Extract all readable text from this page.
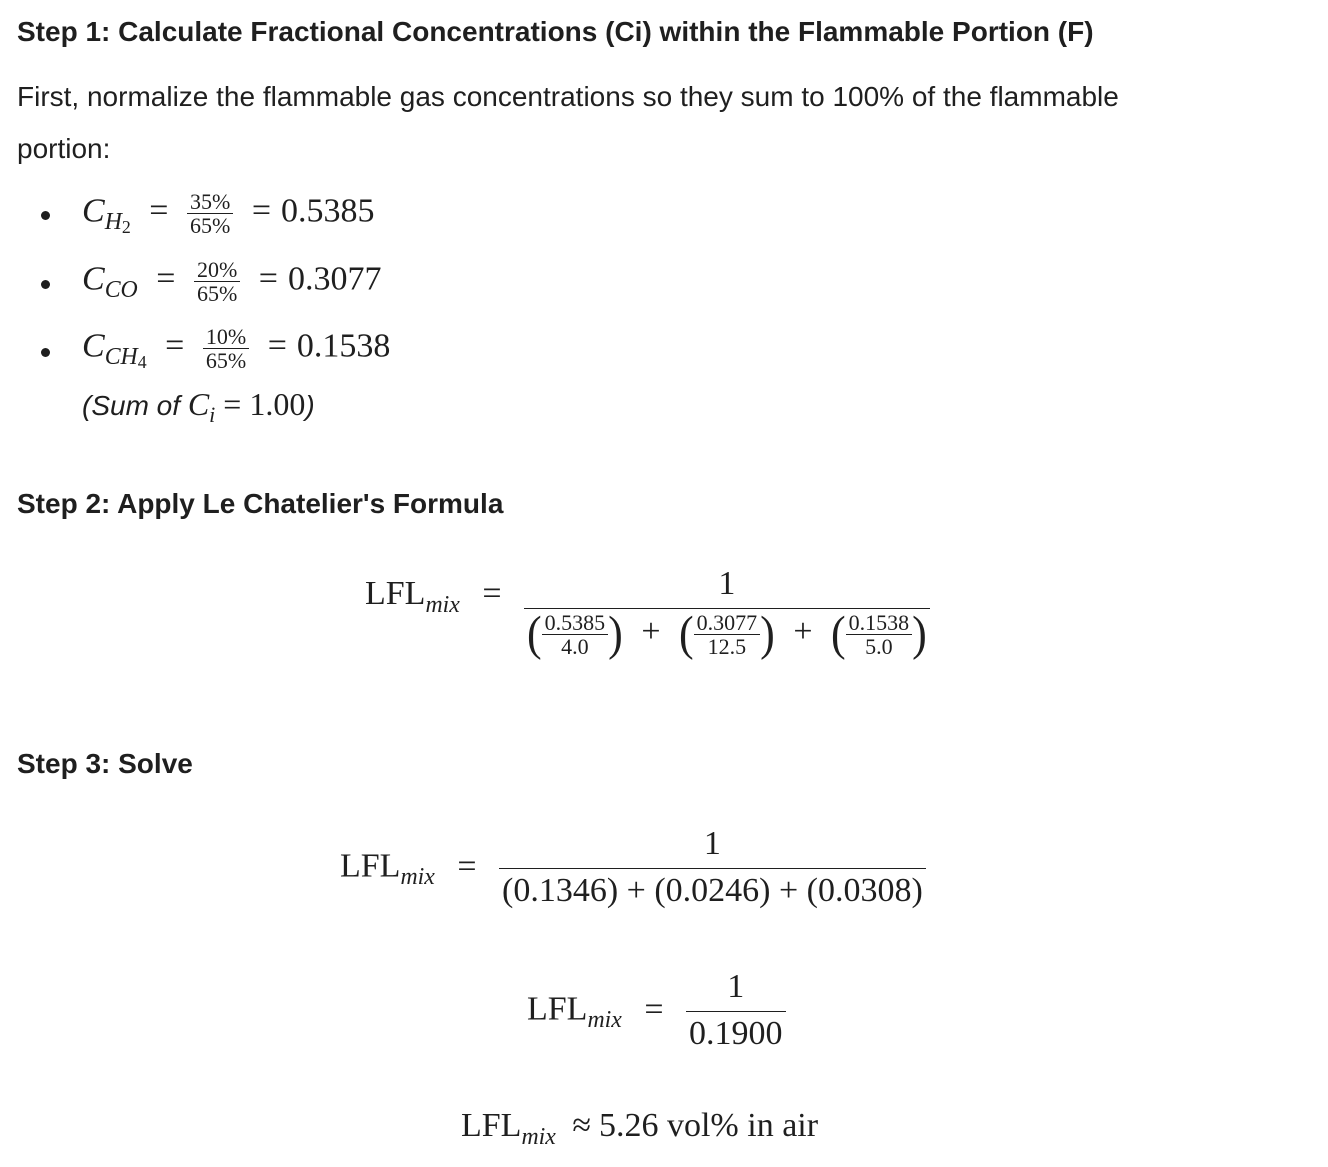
Step 1: Calculate Fractional Concentrations (Ci) within the Flammable Portion (F)

First, normalize the flammable gas concentrations so they sum to 100% of the flammable

portion:

$C_{H2} = \frac{35\%}{65\%} = 0.5385$
$C_{CO} = \frac{20\%}{65\%} = 0.3077$
$C_{CH4} = \frac{10\%}{65\%} = 0.1538$
(Sum of Ci = 1.00)
Step 2: Apply Le Chatelier's Formula
$LFL_{mix}$ =	1
( $\frac{0.5385}{4.0}$ ) + ( $\frac{0.3077}{12.5}$ ) + ( $\frac{0.1538}{5.0}$ )
Step 3: Solve
$LFL_{mix} = \frac{1}{(0.1346) + (0.0246) + (0.0308)}$
$LFL_{mix} = \frac{1}{0.1900}$
$LFL_{mix} \approx 5.26$ vol% in air
